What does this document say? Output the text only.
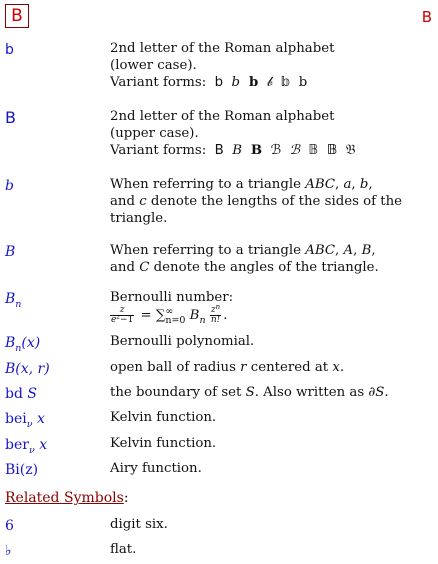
B	B
b	2nd letter of the Roman alphabet
(lower case).
Variant forms:  b  b  b  𝒷  𝕓  b
B	2nd letter of the Roman alphabet
(upper case).
Variant forms:  B  B  B  ℬ  ℬ  𝔹  𝔹  𝔅
b	When referring to a triangle ABC, a, b,
and c denote the lengths of the sides of the
triangle.
B	When referring to a triangle ABC, A, B,
and C denote the angles of the triangle.
$B_n$	Bernoulli number:
$\frac{z}{e^z-1} = \sum^\infty_{n=0}$ $B_n \frac{z^n}{n!}$ .
$B_n(x)$	Bernoulli polynomial.
B(x, r)	open ball of radius r centered at x.
bd S	the boundary of set S. Also written as ∂S.
bei$_\nu$ x	Kelvin function.
ber$_\nu$ x	Kelvin function.
Bi(z)	Airy function.
Related Symbols:
6	digit six.
♭	flat.
